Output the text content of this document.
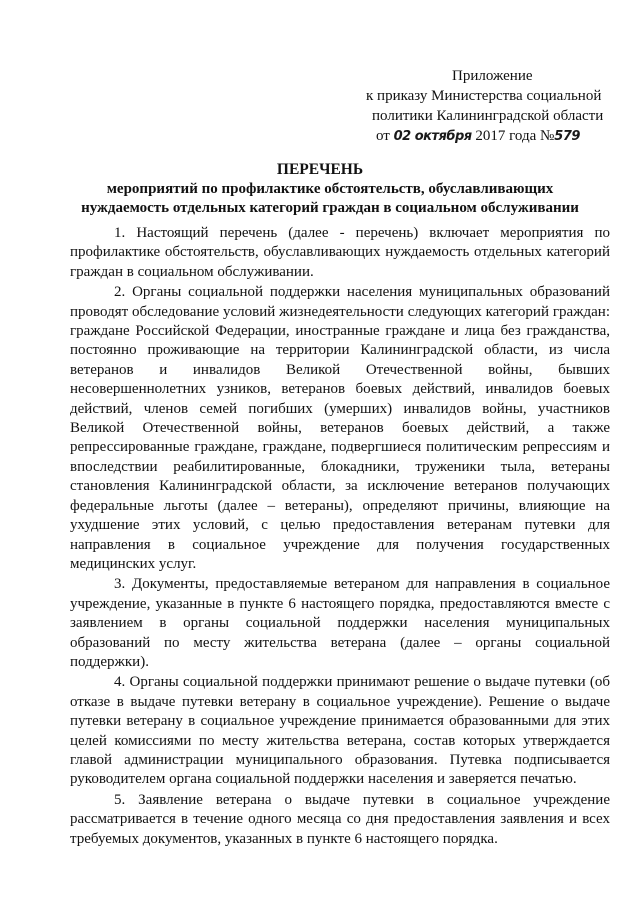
Приложение
к приказу Министерства социальной
политики Калининградской области
от 02 октября 2017 года №579
ПЕРЕЧЕНЬ
мероприятий по профилактике обстоятельств, обуславливающих
нуждаемость отдельных категорий граждан в социальном обслуживании

1. Настоящий перечень (далее - перечень) включает мероприятия по профилактике обстоятельств, обуславливающих нуждаемость отдельных категорий граждан в социальном обслуживании.

2. Органы социальной поддержки населения муниципальных образований проводят обследование условий жизнедеятельности следующих категорий граждан: граждане Российской Федерации, иностранные граждане и лица без гражданства, постоянно проживающие на территории Калининградской области, из числа ветеранов и инвалидов Великой Отечественной войны, бывших несовершеннолетних узников, ветеранов боевых действий, инвалидов боевых действий, членов семей погибших (умерших) инвалидов войны, участников Великой Отечественной войны, ветеранов боевых действий, а также репрессированные граждане, граждане, подвергшиеся политическим репрессиям и впоследствии реабилитированные, блокадники, труженики тыла, ветераны становления Калининградской области, за исключение ветеранов получающих федеральные льготы (далее – ветераны), определяют причины, влияющие на ухудшение этих условий, с целью предоставления ветеранам путевки для направления в социальное учреждение для получения государственных медицинских услуг.

3. Документы, предоставляемые ветераном для направления в социальное учреждение, указанные в пункте 6 настоящего порядка, предоставляются вместе с заявлением в органы социальной поддержки населения муниципальных образований по месту жительства ветерана (далее – органы социальной поддержки).

4. Органы социальной поддержки принимают решение о выдаче путевки (об отказе в выдаче путевки ветерану в социальное учреждение). Решение о выдаче путевки ветерану в социальное учреждение принимается образованными для этих целей комиссиями по месту жительства ветерана, состав которых утверждается главой администрации муниципального образования. Путевка подписывается руководителем органа социальной поддержки населения и заверяется печатью.

5. Заявление ветерана о выдаче путевки в социальное учреждение рассматривается в течение одного месяца со дня предоставления заявления и всех требуемых документов, указанных в пункте 6 настоящего порядка.
